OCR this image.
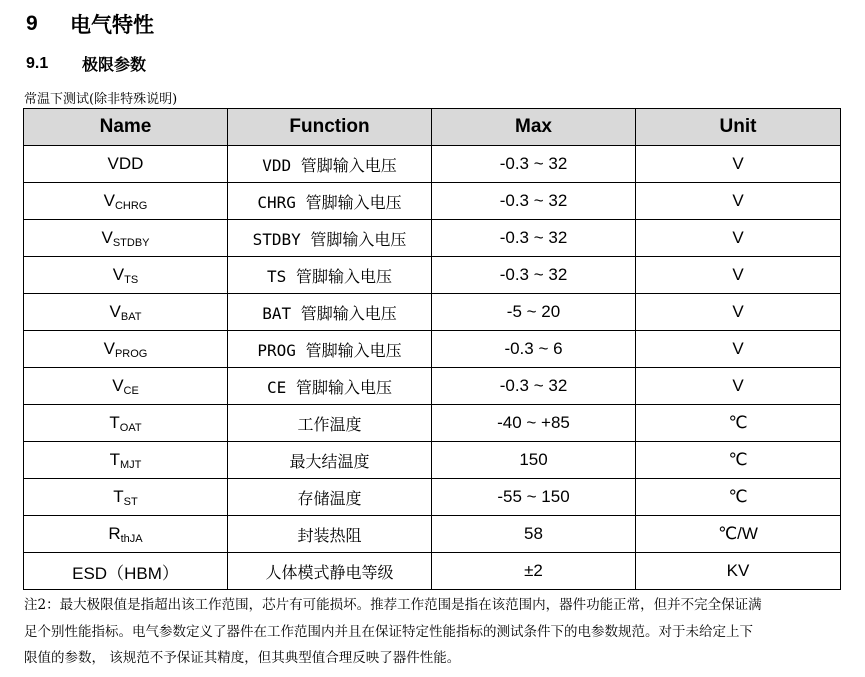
9	电气特性
9.1	极限参数
常温下测试(除非特殊说明)
Name	Function	Max	Unit
VDD	VDD 管脚输入电压	-0.3 ~ 32	V
$V_{CHRG}$	CHRG 管脚输入电压	-0.3 ~ 32	V
$V_{STDBY}$	STDBY 管脚输入电压	-0.3 ~ 32	V
$V_{TS}$	TS 管脚输入电压	-0.3 ~ 32	V
$V_{BAT}$	BAT 管脚输入电压	-5 ~ 20	V
$V_{PROG}$	PROG 管脚输入电压	-0.3 ~ 6	V
$V_{CE}$	CE 管脚输入电压	-0.3 ~ 32	V
$T_{OAT}$	工作温度	-40 ~ +85	℃
$T_{MJT}$	最大结温度	150	℃
$T_{ST}$	存储温度	-55 ~ 150	℃
$R_{thJA}$	封装热阻	58	℃/W
ESD（HBM）	人体模式静电等级	±2	KV

注2：最大极限值是指超出该工作范围，芯片有可能损坏。推荐工作范围是指在该范围内，器件功能正常，但并不完全保证满

足个别性能指标。电气参数定义了器件在工作范围内并且在保证特定性能指标的测试条件下的电参数规范。对于未给定上下

限值的参数， 该规范不予保证其精度，但其典型值合理反映了器件性能。
